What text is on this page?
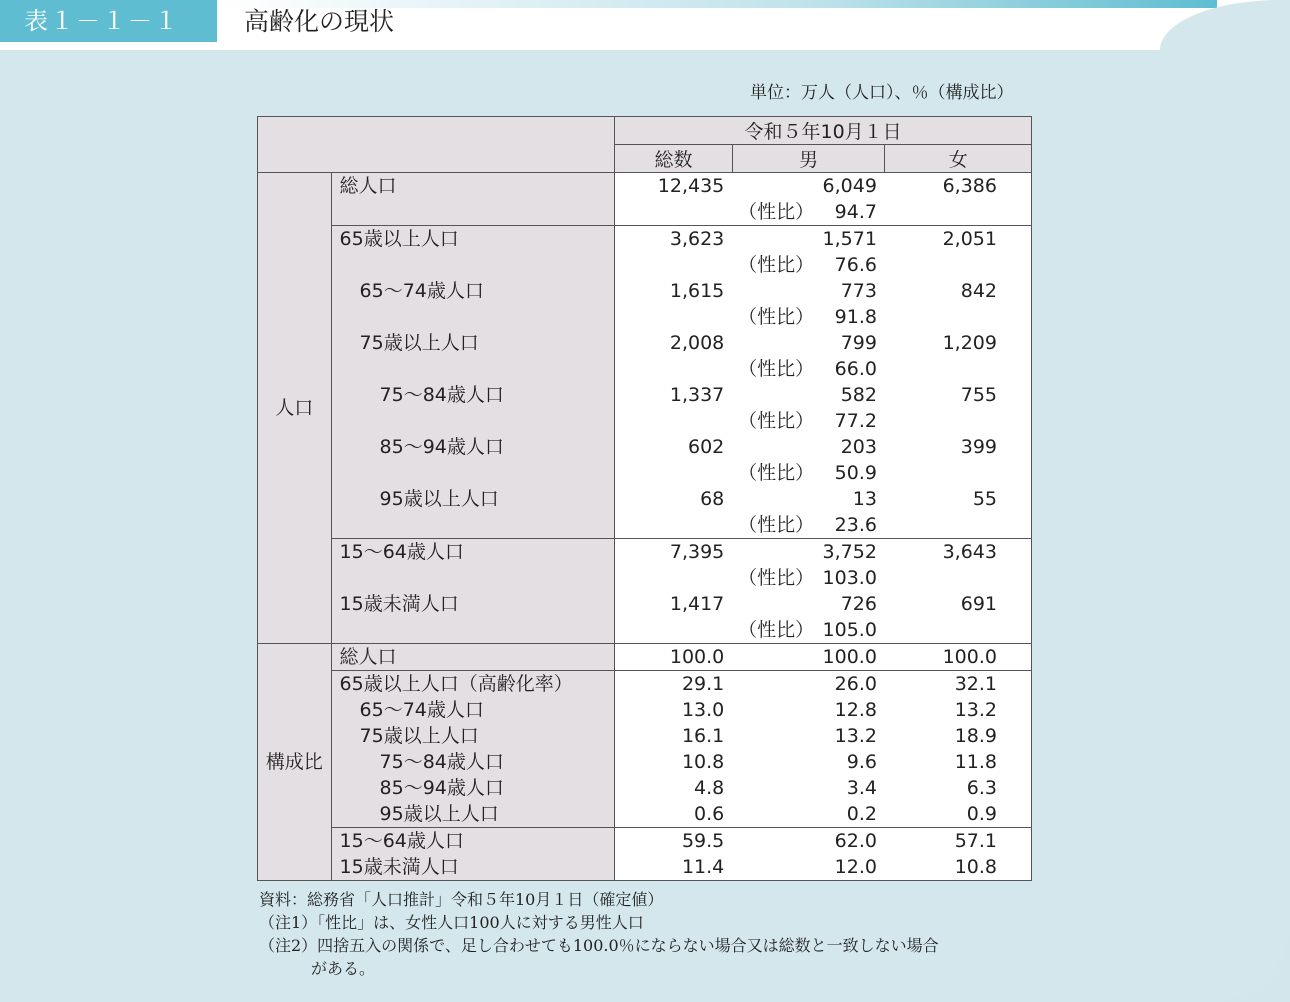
表１－１－１	高齢化の現状
単位：万人（人口）、％（構成比）
		令和５年10月１日			
		総数	男		女
人口	総人口	12,435		6,049	6,386
			（性比）	94.7	
	65歳以上人口	3,623		1,571	2,051
			（性比）	76.6	
	65～74歳人口	1,615		773	842
			（性比）	91.8	
	75歳以上人口	2,008		799	1,209
			（性比）	66.0	
	75～84歳人口	1,337		582	755
			（性比）	77.2	
	85～94歳人口	602		203	399
			（性比）	50.9	
	95歳以上人口	68		13	55
			（性比）	23.6	
	15～64歳人口	7,395		3,752	3,643
			（性比）	103.0	
	15歳未満人口	1,417		726	691
			（性比）	105.0	
構成比	総人口	100.0		100.0	100.0
	65歳以上人口（高齢化率）	29.1		26.0	32.1
	65～74歳人口	13.0		12.8	13.2
	75歳以上人口	16.1		13.2	18.9
	75～84歳人口	10.8		9.6	11.8
	85～94歳人口	4.8		3.4	6.3
	95歳以上人口	0.6		0.2	0.9
	15～64歳人口	59.5		62.0	57.1
	15歳未満人口	11.4		12.0	10.8
資料：総務省「人口推計」令和５年10月１日（確定値）
（注1）「性比」は、女性人口100人に対する男性人口
（注2）四捨五入の関係で、足し合わせても100.0％にならない場合又は総数と一致しない場合
がある。
